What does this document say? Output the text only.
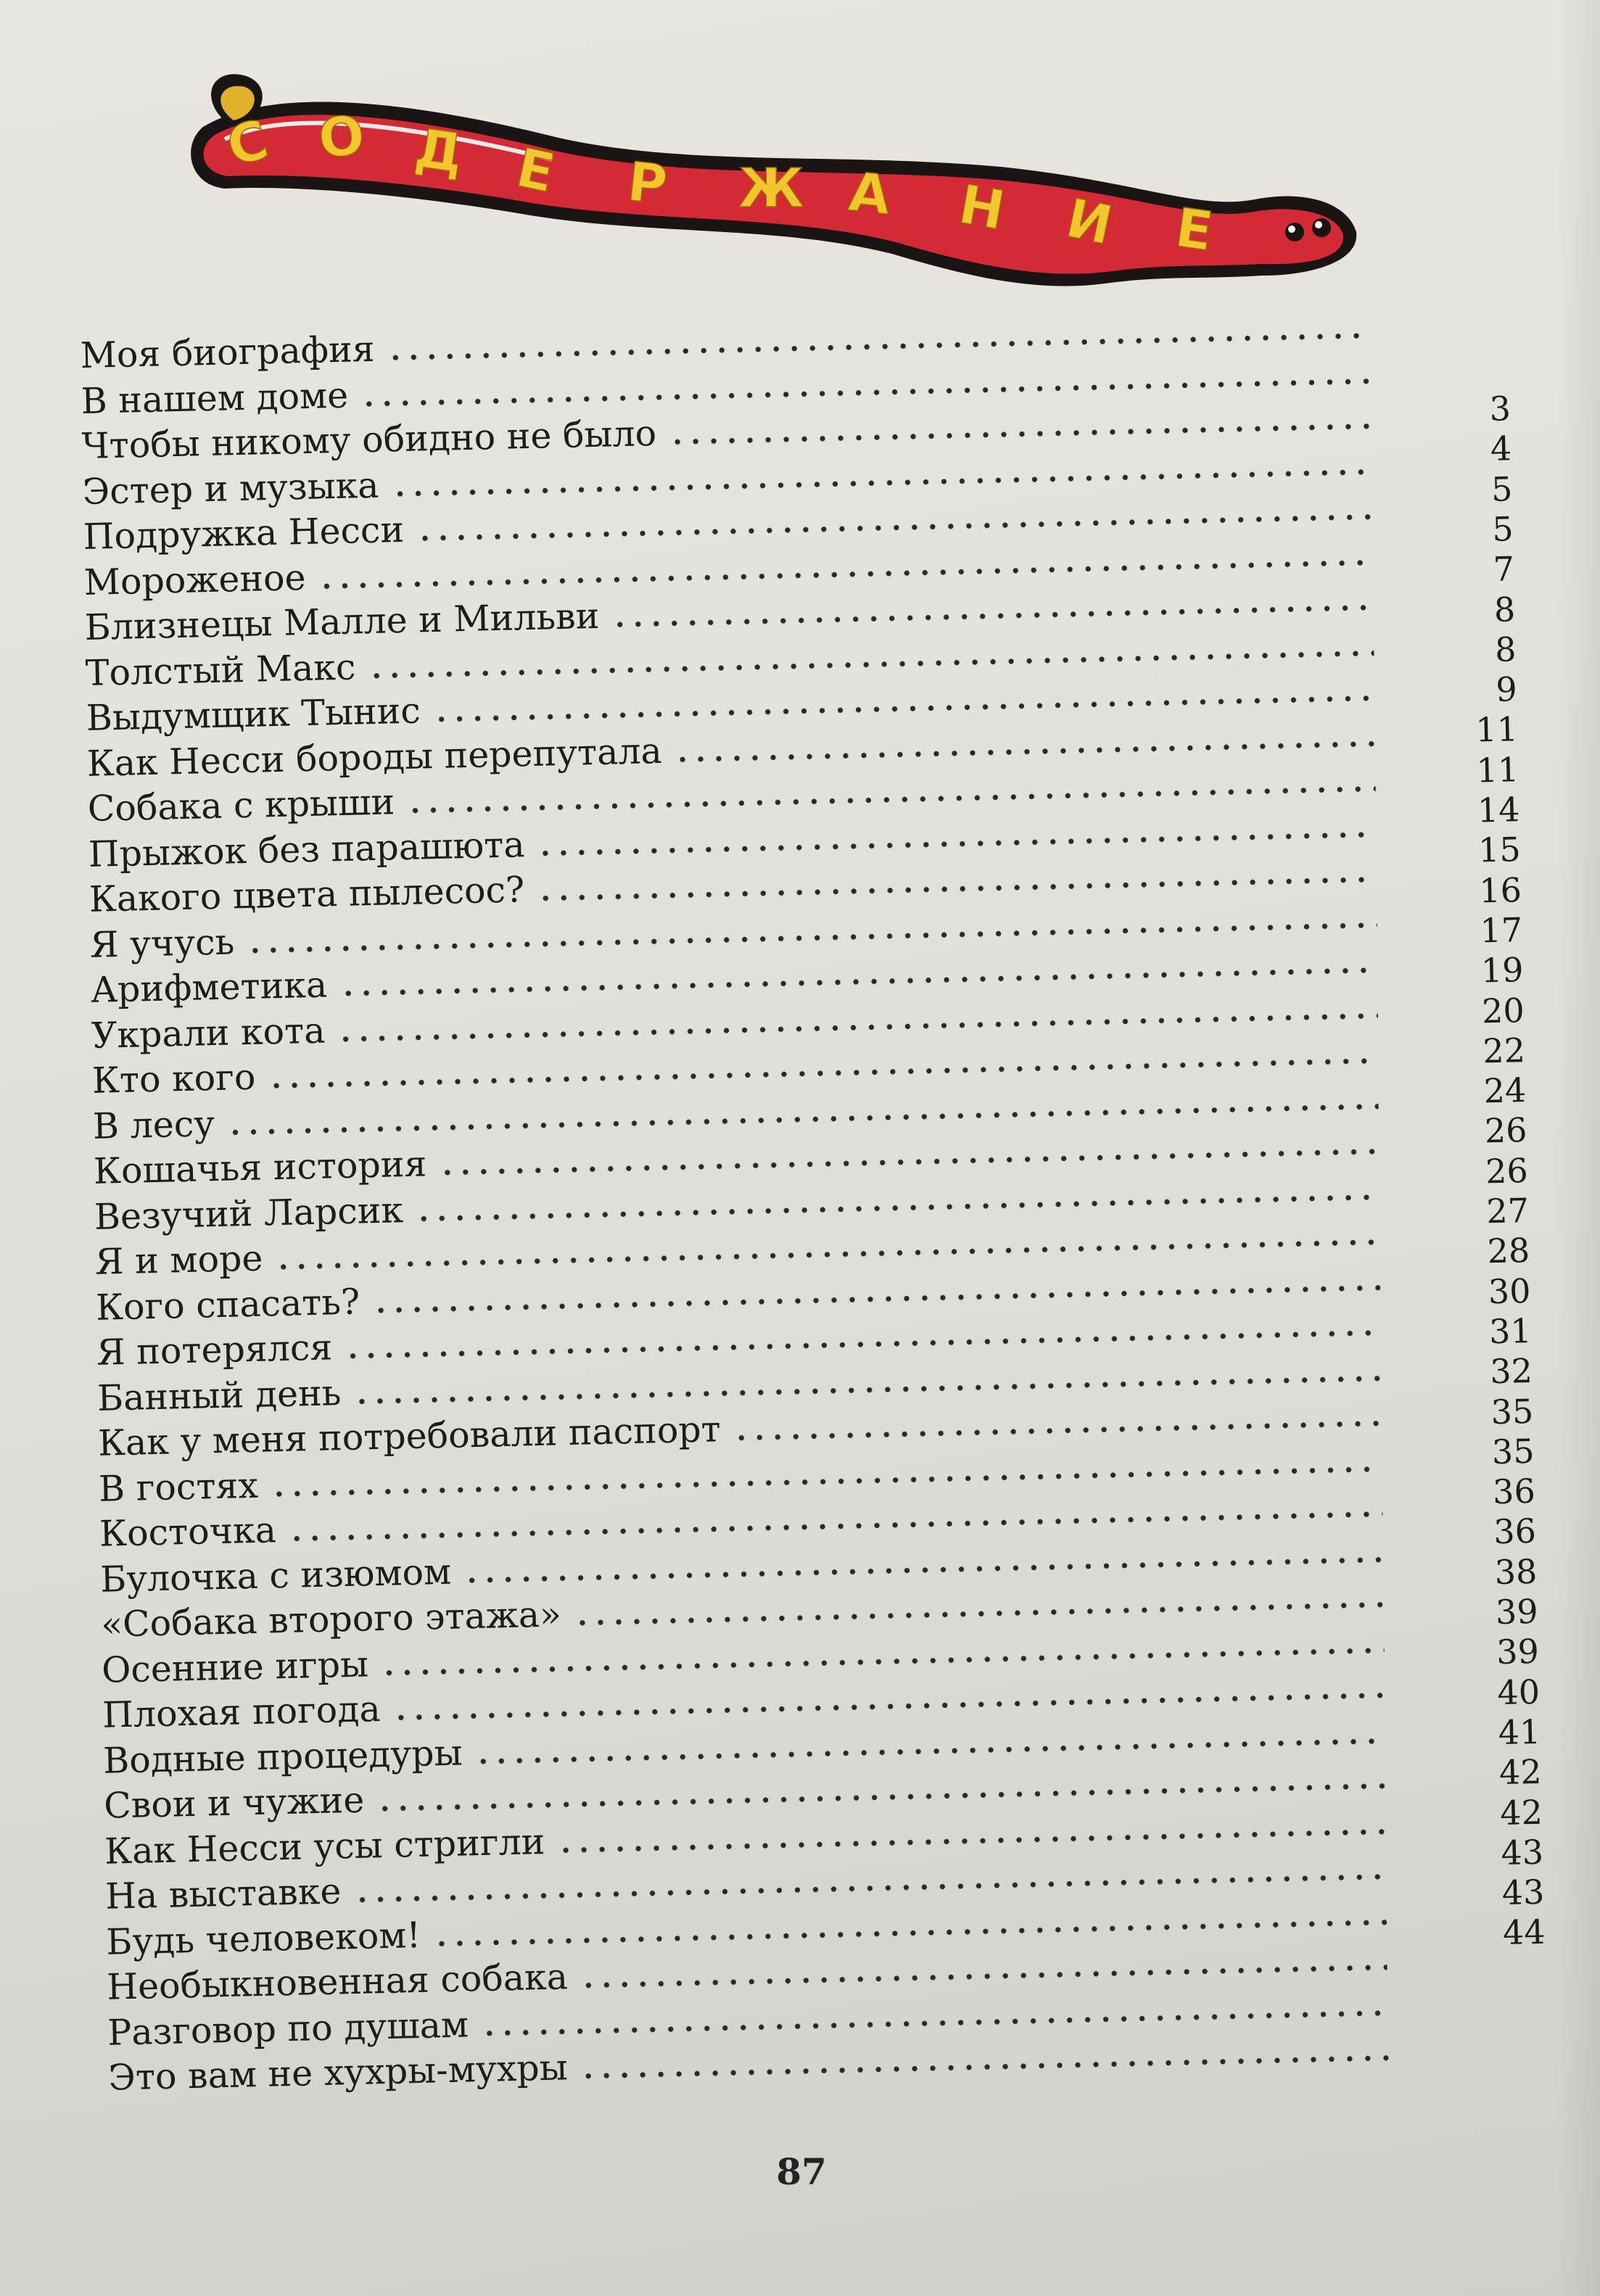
С О Д Е Р Ж А Н И Е
Моя биография
В нашем доме
Чтобы никому обидно не было
Эстер и музыка
Подружка Несси
Мороженое
Близнецы Малле и Мильви
Толстый Макс
Выдумщик Тынис
Как Несси бороды перепутала
Собака с крыши
Прыжок без парашюта
Какого цвета пылесос?
Я учусь
Арифметика
Украли кота
Кто кого
В лесу
Кошачья история
Везучий Ларсик
Я и море
Кого спасать?
Я потерялся
Банный день
Как у меня потребовали паспорт
В гостях
Косточка
Булочка с изюмом
«Собака второго этажа»
Осенние игры
Плохая погода
Водные процедуры
Свои и чужие
Как Несси усы стригли
На выставке
Будь человеком!
Необыкновенная собака
Разговор по душам
Это вам не хухры-мухры
3
4
5
5
7
8
8
9
11
11
14
15
16
17
19
20
22
24
26
26
27
28
30
31
32
35
35
36
36
38
39
39
40
41
42
42
43
43
44
87
